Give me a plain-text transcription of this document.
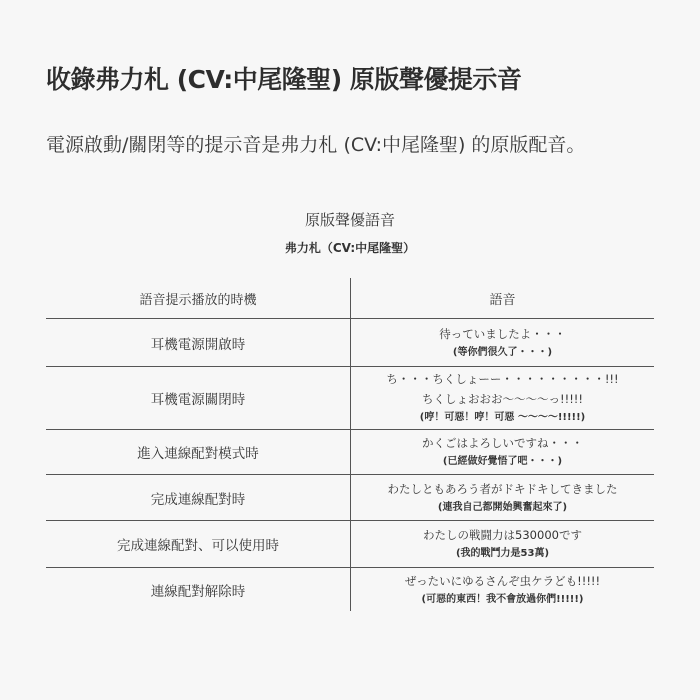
收錄弗力札 (CV:中尾隆聖) 原版聲優提示音

電源啟動/關閉等的提示音是弗力札 (CV:中尾隆聖) 的原版配音。

原版聲優語音
弗力札（CV:中尾隆聖）
語音提示播放的時機	語音
耳機電源開啟時	待っていましたよ・・・
(等你們很久了・・・)

耳機電源關閉時	ち・・・ちくしょーー・・・・・・・・・!!!
ちくしょおおお〜〜〜〜っ!!!!!
(哼！可惡！哼！可惡 〜〜〜〜!!!!!)

進入連線配對模式時	かくごはよろしいですね・・・
(已經做好覺悟了吧・・・)

完成連線配對時	わたしともあろう者がドキドキしてきました
(連我自己都開始興奮起來了)

完成連線配對、可以使用時	わたしの戦闘力は530000です
(我的戰鬥力是53萬)

連線配對解除時	ぜったいにゆるさんぞ虫ケラども!!!!!
(可惡的東西！我不會放過你們!!!!!)
